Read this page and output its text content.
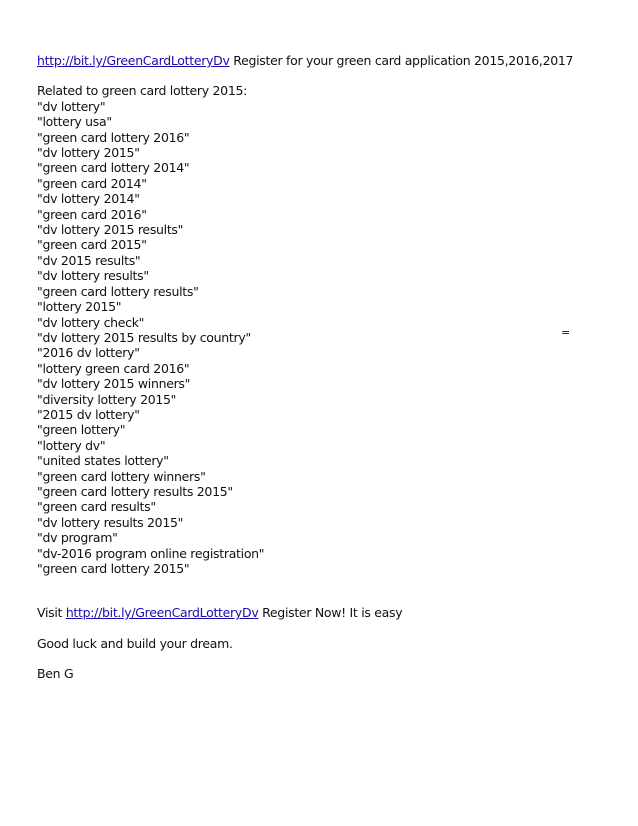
http://bit.ly/GreenCardLotteryDv Register for your green card application 2015,2016,2017
Related to green card lottery 2015:
"dv lottery"
"lottery usa"
"green card lottery 2016"
"dv lottery 2015"
"green card lottery 2014"
"green card 2014"
"dv lottery 2014"
"green card 2016"
"dv lottery 2015 results"
"green card 2015"
"dv 2015 results"
"dv lottery results"
"green card lottery results"
"lottery 2015"
"dv lottery check"
"dv lottery 2015 results by country"
"2016 dv lottery"
"lottery green card 2016"
"dv lottery 2015 winners"
"diversity lottery 2015"
"2015 dv lottery"
"green lottery"
"lottery dv"
"united states lottery"
"green card lottery winners"
"green card lottery results 2015"
"green card results"
"dv lottery results 2015"
"dv program"
"dv-2016 program online registration"
"green card lottery 2015"
Visit http://bit.ly/GreenCardLotteryDv Register Now! It is easy
Good luck and build your dream.
Ben G
=
